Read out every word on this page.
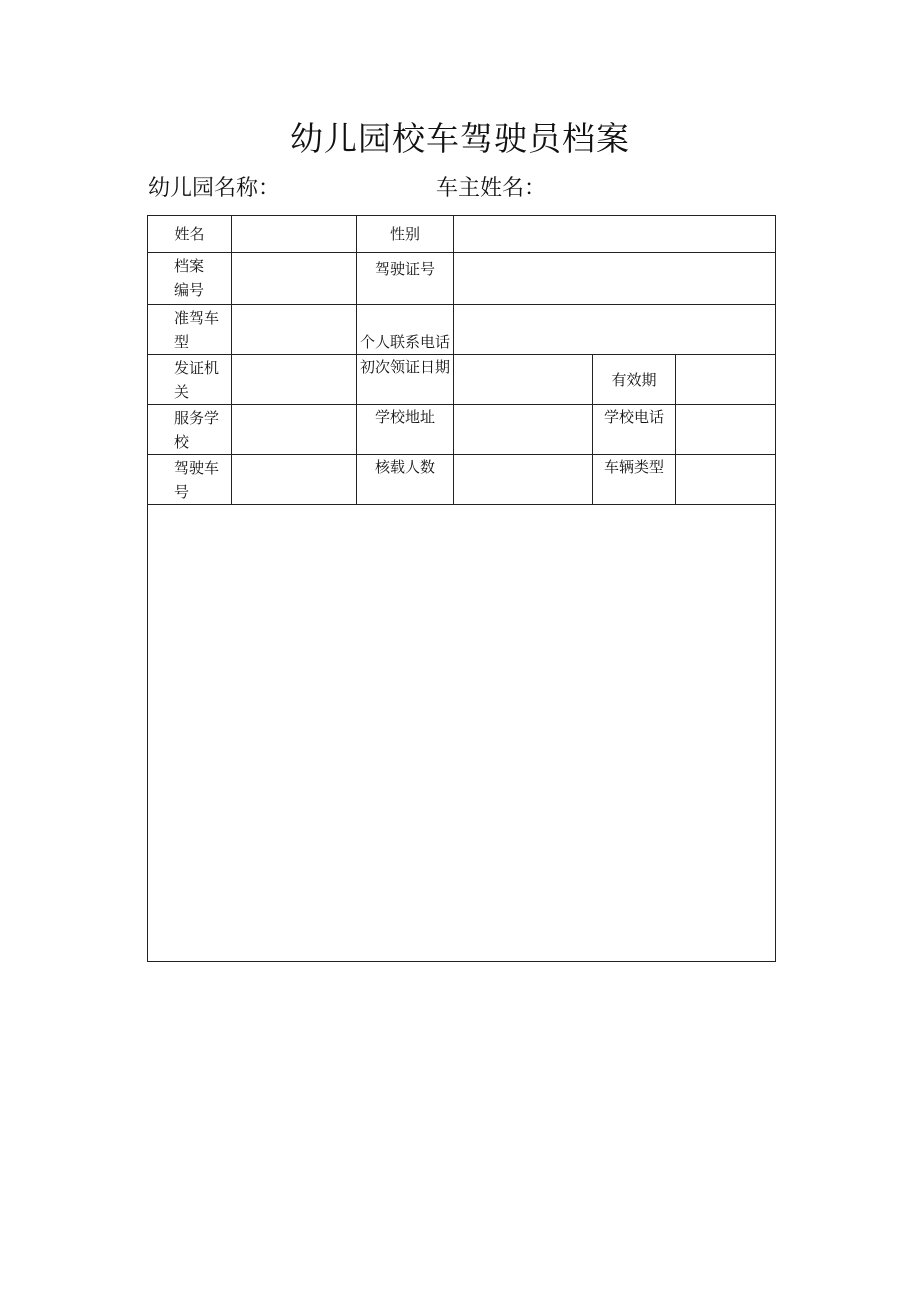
幼儿园校车驾驶员档案
幼儿园名称：	车主姓名：
姓名		性别			

档案
编号		驾驶证号			

准驾车
型		个人联系电话			

发证机
关		初次领证日期		有效期	

服务学
校		学校地址		学校电话	

驾驶车
号		核载人数		车辆类型	
